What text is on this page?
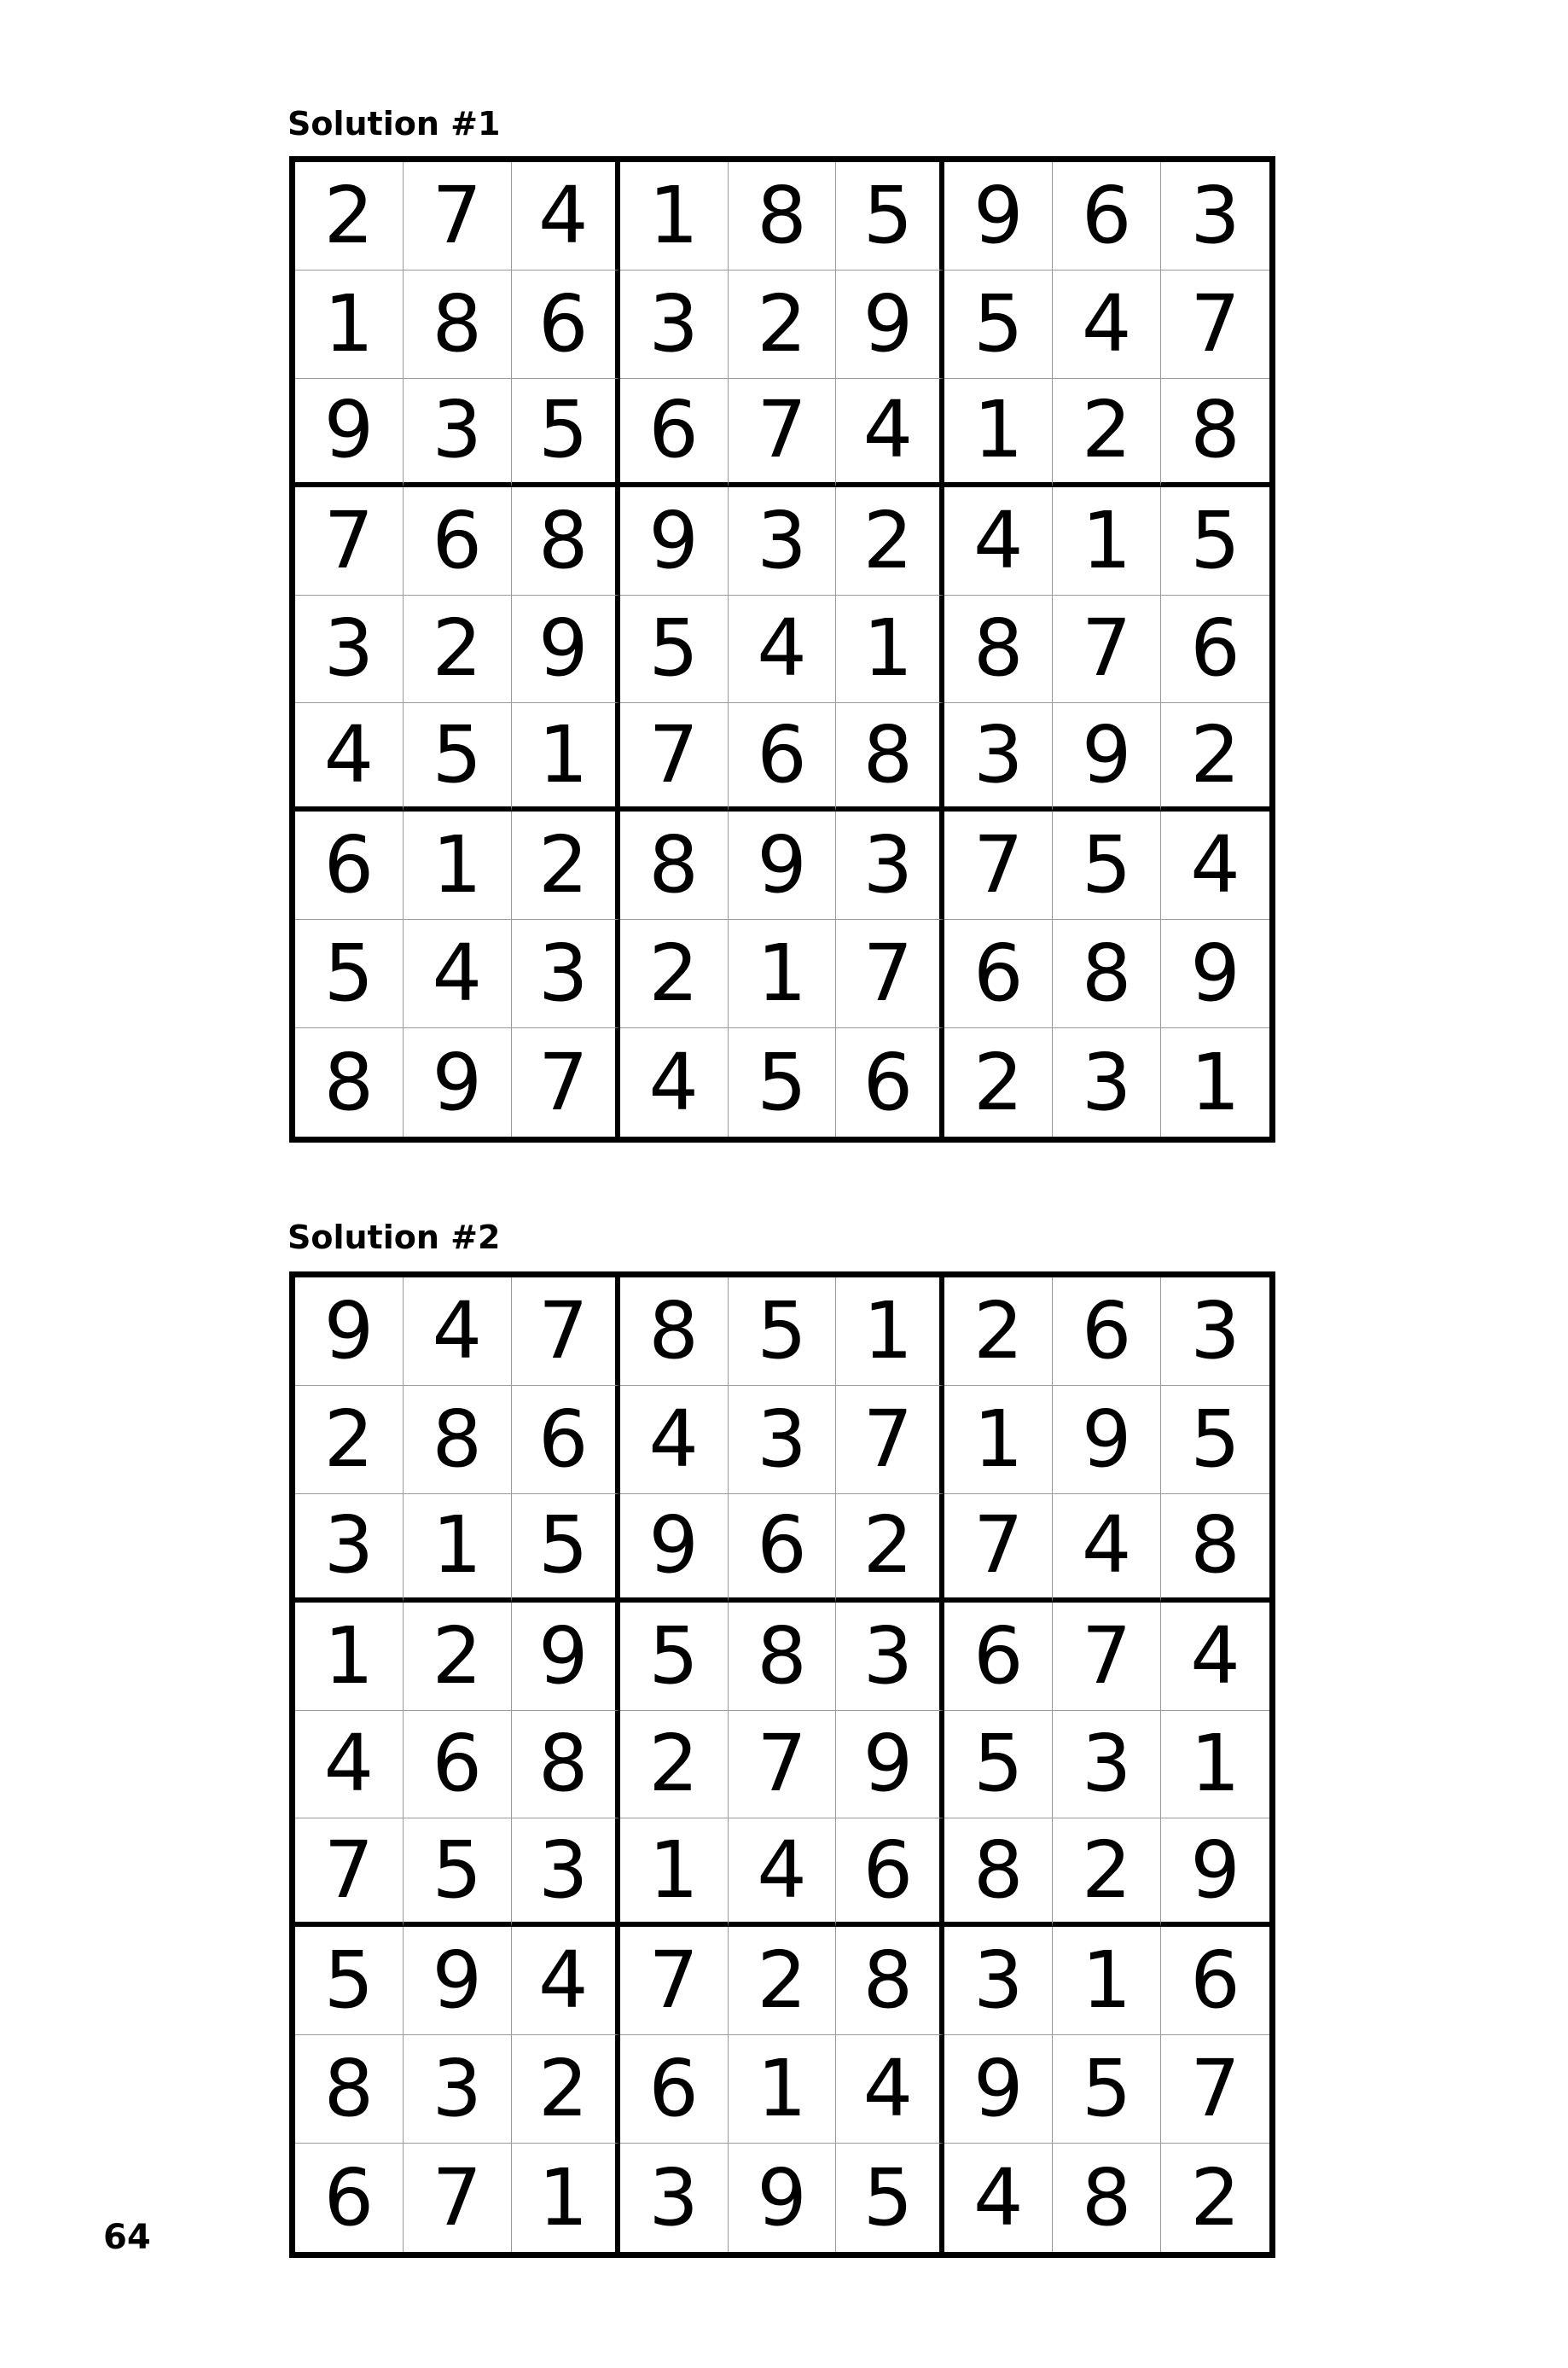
Solution #1
2 7 4 1 8 5 9 6 3
1 8 6 3 2 9 5 4 7
9 3 5 6 7 4 1 2 8
7 6 8 9 3 2 4 1 5
3 2 9 5 4 1 8 7 6
4 5 1 7 6 8 3 9 2
6 1 2 8 9 3 7 5 4
5 4 3 2 1 7 6 8 9
8 9 7 4 5 6 2 3 1
Solution #2
9 4 7 8 5 1 2 6 3
2 8 6 4 3 7 1 9 5
3 1 5 9 6 2 7 4 8
1 2 9 5 8 3 6 7 4
4 6 8 2 7 9 5 3 1
7 5 3 1 4 6 8 2 9
5 9 4 7 2 8 3 1 6
8 3 2 6 1 4 9 5 7
6 7 1 3 9 5 4 8 2
64
